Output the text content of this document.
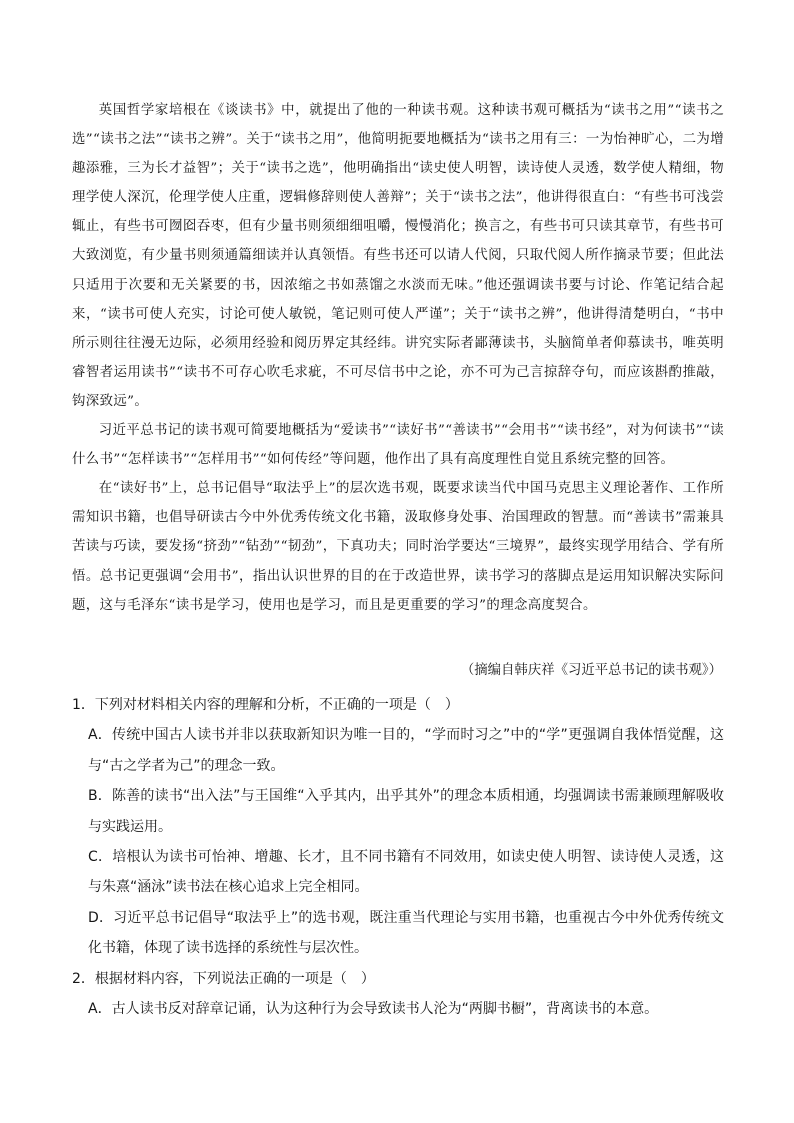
英国哲学家培根在《谈读书》中，就提出了他的一种读书观。这种读书观可概括为“读书之用”“读书之选”“读书之法”“读书之辨”。关于“读书之用”，他简明扼要地概括为“读书之用有三：一为怡神旷心，二为增趣添雅，三为长才益智”；关于“读书之选”，他明确指出“读史使人明智，读诗使人灵透，数学使人精细，物理学使人深沉，伦理学使人庄重，逻辑修辞则使人善辩”；关于“读书之法”，他讲得很直白：“有些书可浅尝辄止，有些书可囫囵吞枣，但有少量书则须细细咀嚼，慢慢消化；换言之，有些书可只读其章节，有些书可大致浏览，有少量书则须通篇细读并认真领悟。有些书还可以请人代阅，只取代阅人所作摘录节要；但此法只适用于次要和无关紧要的书，因浓缩之书如蒸馏之水淡而无味。”他还强调读书要与讨论、作笔记结合起来，“读书可使人充实，讨论可使人敏锐，笔记则可使人严谨”；关于“读书之辨”，他讲得清楚明白，“书中所示则往往漫无边际，必须用经验和阅历界定其经纬。讲究实际者鄙薄读书，头脑简单者仰慕读书，唯英明睿智者运用读书”“读书不可存心吹毛求疵，不可尽信书中之论，亦不可为己言掠辞夺句，而应该斟酌推敲，钩深致远”。

习近平总书记的读书观可简要地概括为“爱读书”“读好书”“善读书”“会用书”“读书经”，对为何读书”“读什么书”“怎样读书”“怎样用书”“如何传经”等问题，他作出了具有高度理性自觉且系统完整的回答。

在“读好书”上，总书记倡导“取法乎上”的层次选书观，既要求读当代中国马克思主义理论著作、工作所需知识书籍，也倡导研读古今中外优秀传统文化书籍，汲取修身处事、治国理政的智慧。而“善读书”需兼具苦读与巧读，要发扬“挤劲”“钻劲”“韧劲”，下真功夫；同时治学要达“三境界”，最终实现学用结合、学有所悟。总书记更强调“会用书”，指出认识世界的目的在于改造世界，读书学习的落脚点是运用知识解决实际问题，这与毛泽东“读书是学习，使用也是学习，而且是更重要的学习”的理念高度契合。

（摘编自韩庆祥《习近平总书记的读书观》）

1．下列对材料相关内容的理解和分析，不正确的一项是（　）

A．传统中国古人读书并非以获取新知识为唯一目的，“学而时习之”中的“学”更强调自我体悟觉醒，这与“古之学者为己”的理念一致。

B．陈善的读书“出入法”与王国维“入乎其内，出乎其外”的理念本质相通，均强调读书需兼顾理解吸收与实践运用。

C．培根认为读书可怡神、增趣、长才，且不同书籍有不同效用，如读史使人明智、读诗使人灵透，这与朱熹“涵泳”读书法在核心追求上完全相同。

D．习近平总书记倡导“取法乎上”的选书观，既注重当代理论与实用书籍，也重视古今中外优秀传统文化书籍，体现了读书选择的系统性与层次性。

2．根据材料内容，下列说法正确的一项是（　）

A．古人读书反对辞章记诵，认为这种行为会导致读书人沦为“两脚书橱”，背离读书的本意。
